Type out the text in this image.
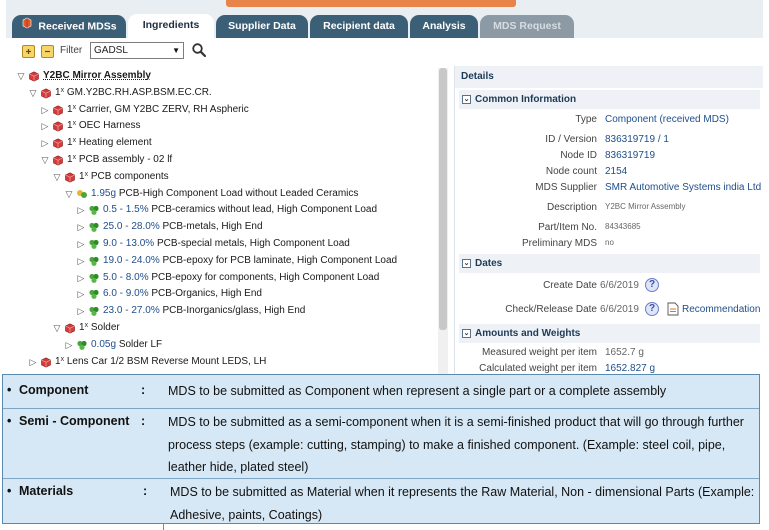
Received MDSs	Ingredients	Supplier Data	Recipient data	Analysis	MDS Request
Filter	GADSL	▼
▽ Y2BC Mirror Assembly
▽ 1$^x$ GM.Y2BC.RH.ASP.BSM.EC.CR.
▷ 1$^x$ Carrier, GM Y2BC ZERV, RH Aspheric
▷ 1$^x$ OEC Harness
▷ 1$^x$ Heating element
▽ 1$^x$ PCB assembly - 02 lf
▽ 1$^x$ PCB components
▽ 1.95g PCB-High Component Load without Leaded Ceramics
▷ 0.5 - 1.5% PCB-ceramics without lead, High Component Load
▷ 25.0 - 28.0% PCB-metals, High End
▷ 9.0 - 13.0% PCB-special metals, High Component Load
▷ 19.0 - 24.0% PCB-epoxy for PCB laminate, High Component Load
▷ 5.0 - 8.0% PCB-epoxy for components, High Component Load
▷ 6.0 - 9.0% PCB-Organics, High End
▷ 23.0 - 27.0% PCB-Inorganics/glass, High End
▽ 1$^x$ Solder
▷ 0.05g Solder LF
▷ 1$^x$ Lens Car 1/2 BSM Reverse Mount LEDS, LH
Details
⌄ Common Information
Type Component (received MDS)
ID / Version 836319719 / 1
Node ID 836319719
Node count 2154
MDS Supplier SMR Automotive Systems india Ltd
Description Y2BC Mirror Assembly
Part/Item No. 84343685
Preliminary MDS no
⌄ Dates
Create Date 6/6/2019	?
Check/Release Date 6/6/2019	?	Recommendation
⌄ Amounts and Weights
Measured weight per item 1652.7 g
Calculated weight per item 1652.827 g
• Component	: MDS to be submitted as Component when represent a single part or a complete assembly
• Semi - Component : MDS to be submitted as a semi-component when it is a semi-finished product that will go through further process steps (example: cutting, stamping) to make a finished component. (Example: steel coil, pipe, leather hide, plated steel)
• Materials	: MDS to be submitted as Material when it represents the Raw Material, Non - dimensional Parts (Example: Adhesive, paints, Coatings)
